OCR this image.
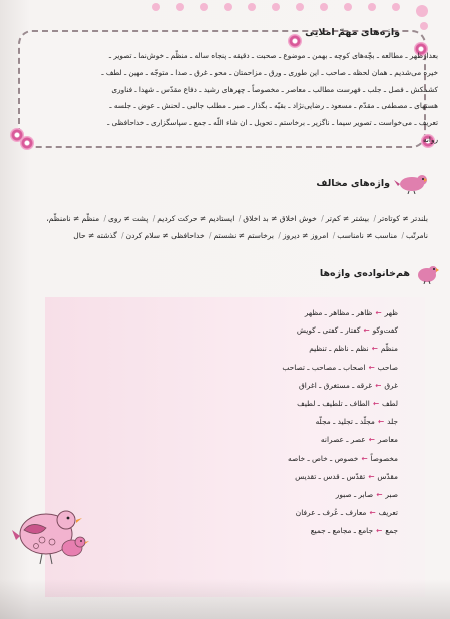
واژه‌های مهمّ املایی
بعدازظهر ـ مطالعه ـ بچّه‌های کوچه ـ بهمن ـ موضوع ـ صحبت ـ دقیقه ـ پنجاه ساله ـ منظّم ـ خوش‌نما ـ تصویر ـ
خیره می‌شدیم ـ همان لحظه ـ صاحب ـ این طوری ـ ورق ـ مزاحمتان ـ محو ـ غرق ـ صدا ـ متوجّه ـ مهین ـ لطف ـ
کشمکش ـ فصل ـ جلب ـ فهرست مطالب ـ معاصر ـ مخصوصاً ـ چهرهای رشید ـ دفاع مقدّس ـ شهدا ـ فناوری
هستهای ـ مصطفی ـ مقدّم ـ مسعود ـ رضایی‌نژاد ـ بقیّه ـ بگذار ـ صبر ـ مطلب جالبی ـ لحنش ـ عوض ـ جلسه ـ
تعریف ـ می‌خواست ـ تصویر سیما ـ ناگزیر ـ برخاستم ـ تحویل ـ ان شاء اللّه ـ جمع ـ سپاسگزاری ـ خداحافظی ـ
روانه
واژه‌های مخالف
بلندتر ≠ کوتاه‌تر/ بیشتر ≠ کم‌تر/ خوش اخلاق ≠ بد اخلاق/ ایستادیم ≠ حرکت کردیم/ پشت ≠ روی/ منظّم ≠ نامنظّم،
نامرتّب/ مناسب ≠ نامناسب/ امروز ≠ دیروز/ برخاستم ≠ نشستم/ خداحافظی ≠ سلام کردن/ گذشته ≠ حال
هم‌خانواده‌ی واژه‌ها
ظهر←ظاهر ـ مظاهر ـ مظهر
گفت‌وگو←گفتار ـ گفتی ـ گویش
منظّم←نظم ـ ناظم ـ تنظیم
صاحب←اصحاب ـ مصاحب ـ تصاحب
غرق←غرقه ـ مستغرق ـ اغراق
لطف←الطاف ـ تلطیف ـ لطیف
جلد←مجلّد ـ تجلید ـ مجلّه
معاصر←عصر ـ عصرانه
مخصوصاً←خصوص ـ خاص ـ خاصه
مقدّس←تقدّس ـ قدس ـ تقدیس
صبر←صابر ـ صبور
تعریف←معارف ـ عُرف ـ عرفان
جمع←جامع ـ مجامع ـ جمیع
